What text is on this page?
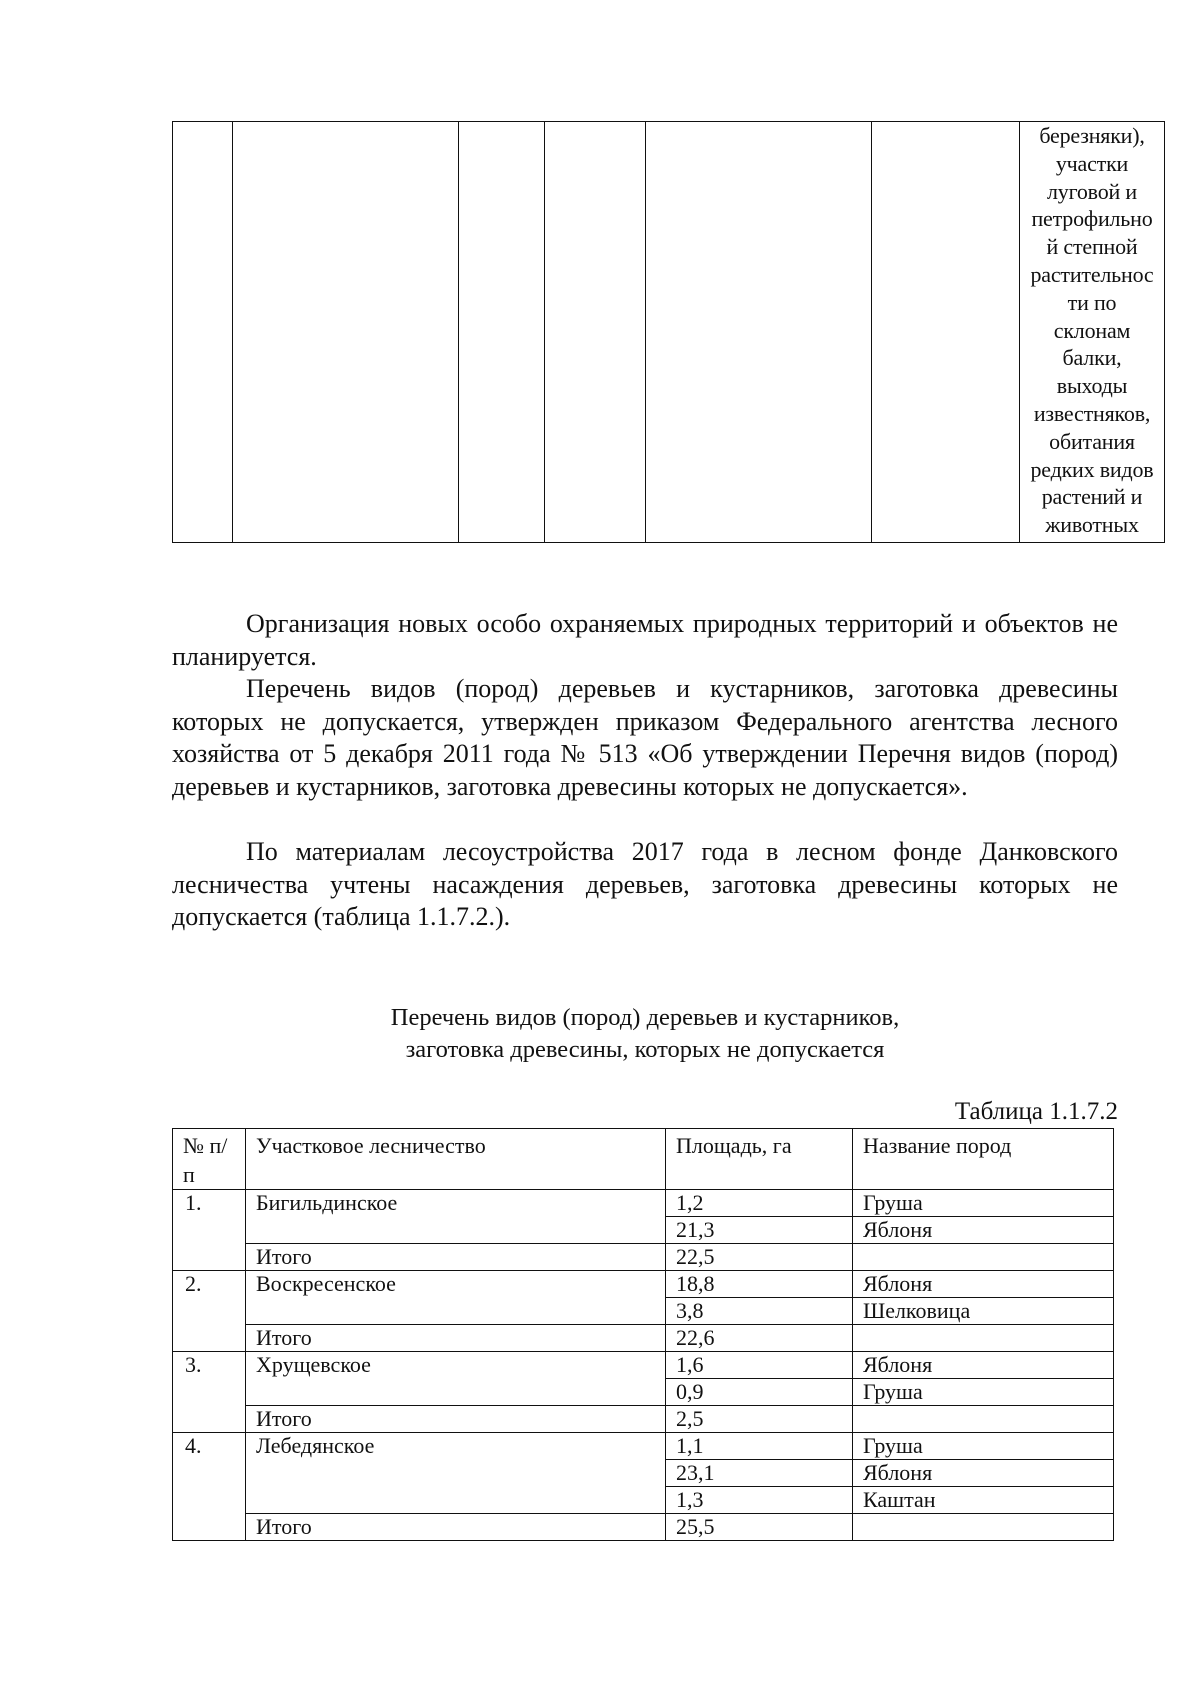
березняки),
участки
луговой и
петрофильно
й степной
растительнос
ти по
склонам
балки,
выходы
известняков,
обитания
редких видов
растений и
животных

Организация новых особо охраняемых природных территорий и объектов не планируется.

Перечень видов (пород) деревьев и кустарников, заготовка древесины которых не допускается, утвержден приказом Федерального агентства лесного хозяйства от 5 декабря 2011 года № 513 «Об утверждении Перечня видов (пород) деревьев и кустарников, заготовка древесины которых не допускается».

По материалам лесоустройства 2017 года в лесном фонде Данковского лесничества учтены насаждения деревьев, заготовка древесины которых не допускается (таблица 1.1.7.2.).

Перечень видов (пород) деревьев и кустарников,
заготовка древесины, которых не допускается
Таблица 1.1.7.2
№ п/п	Участковое лесничество	Площадь, га	Название пород
1.	Бигильдинское	1,2	Груша
		21,3	Яблоня
	Итого	22,5	
2.	Воскресенское	18,8	Яблоня
		3,8	Шелковица
	Итого	22,6	
3.	Хрущевское	1,6	Яблоня
		0,9	Груша
	Итого	2,5	
4.	Лебедянское	1,1	Груша
		23,1	Яблоня
		1,3	Каштан
	Итого	25,5	
